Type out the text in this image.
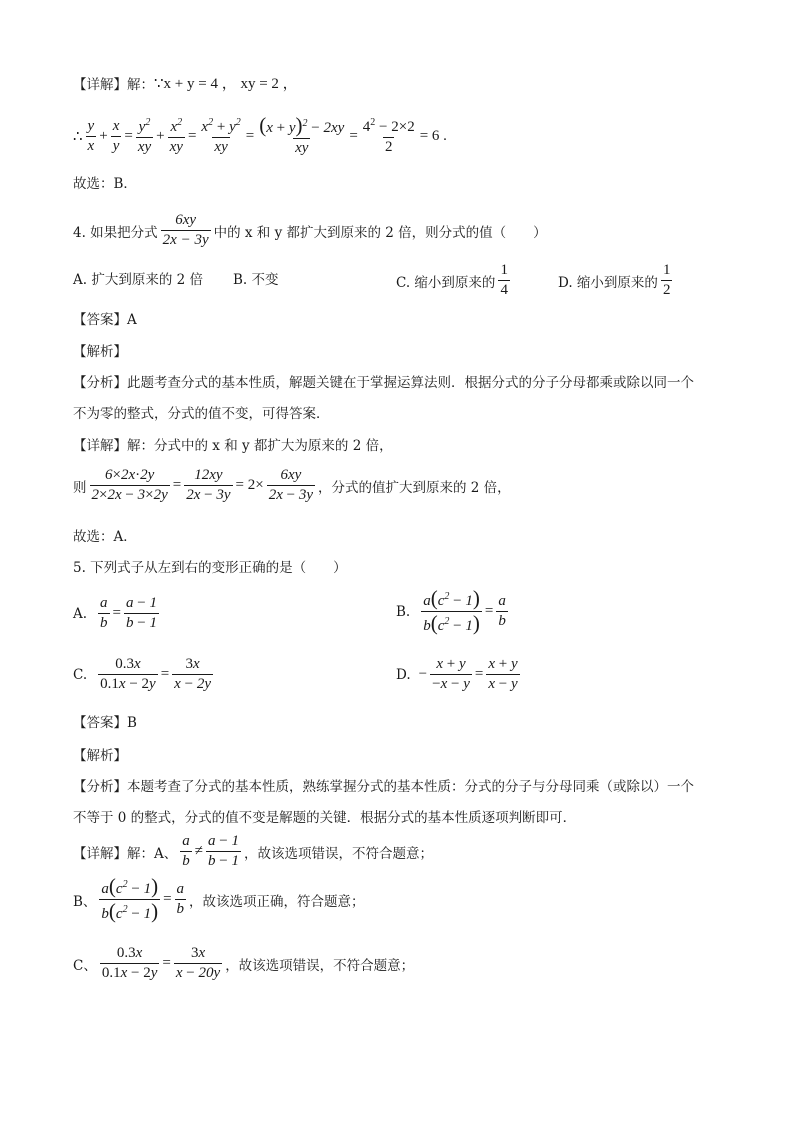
【详解】解： ∵x + y = 4 ， xy = 2 ，
∴ $\frac{y}{x} + \frac{x}{y} = \frac{y^2}{xy} + \frac{x^2}{xy} = \frac{x^2 + y^2}{xy} = \frac{(x + y)^2 - 2xy}{xy} = \frac{4^2 - 2\times 2}{2} = 6$ .
故选：B．
4. 如果把分式 $\frac{6xy}{2x - 3y}$ 中的 x 和 y 都扩大到原来的 2 倍，则分式的值（　　）
A. 扩大到原来的 2 倍 B. 不变	C. 缩小到原来的 $\frac{1}{4}$	D. 缩小到原来的 $\frac{1}{2}$
【答案】A
【解析】
【分析】此题考查分式的基本性质，解题关键在于掌握运算法则．根据分式的分子分母都乘或除以同一个
不为零的整式，分式的值不变，可得答案．
【详解】解：分式中的 x 和 y 都扩大为原来的 2 倍，
则 $\frac{6\times 2x\cdot 2y}{2\times 2x - 3\times 2y} = \frac{12xy}{2x - 3y} = 2\times \frac{6xy}{2x - 3y}$ ，分式的值扩大到原来的 2 倍，
故选：A．
5. 下列式子从左到右的变形正确的是（　　）
A. $\frac{a}{b} = \frac{a - 1}{b - 1}$	B. $\frac{a(c^2 - 1)}{b(c^2 - 1)} = \frac{a}{b}$
C. $\frac{0.3x}{0.1x - 2y} = \frac{3x}{x - 2y}$	D. − $\frac{x + y}{-x - y} = \frac{x + y}{x - y}$
【答案】B
【解析】
【分析】本题考查了分式的基本性质，熟练掌握分式的基本性质：分式的分子与分母同乘（或除以）一个
不等于 0 的整式，分式的值不变是解题的关键．根据分式的基本性质逐项判断即可．
【详解】解：A、 $\frac{a}{b} \ne \frac{a - 1}{b - 1}$ ，故该选项错误，不符合题意；
B、 $\frac{a(c^2 - 1)}{b(c^2 - 1)} = \frac{a}{b}$ ，故该选项正确，符合题意；
C、 $\frac{0.3x}{0.1x - 2y} = \frac{3x}{x - 20y}$ ，故该选项错误，不符合题意；
